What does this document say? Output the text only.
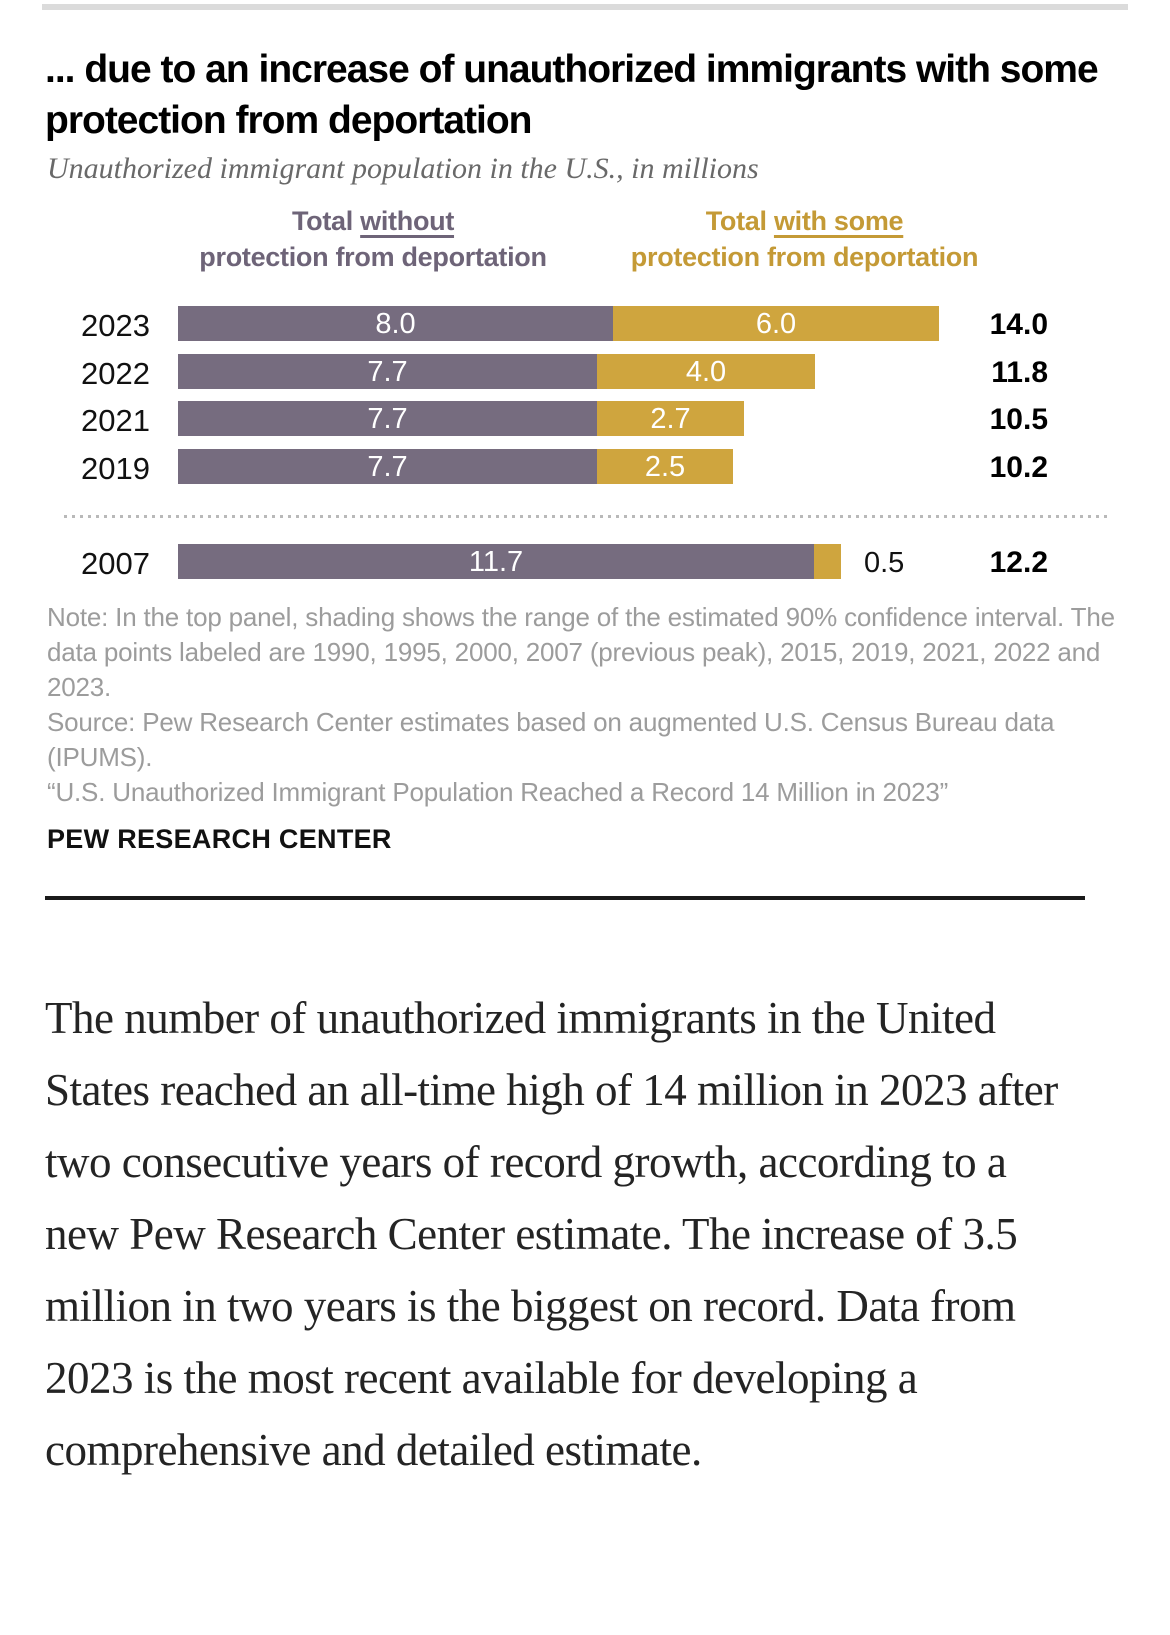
... due to an increase of unauthorized immigrants with some protection from deportation
Unauthorized immigrant population in the U.S., in millions
Total without
protection from deportation
Total with some
protection from deportation
2023	8.0	6.0	14.0
2022	7.7	4.0	11.8
2021	7.7	2.7	10.5
2019	7.7	2.5	10.2
2007	11.7	0.5	12.2
Note: In the top panel, shading shows the range of the estimated 90% confidence interval. The data points labeled are 1990, 1995, 2000, 2007 (previous peak), 2015, 2019, 2021, 2022 and 2023.
Source: Pew Research Center estimates based on augmented U.S. Census Bureau data (IPUMS).
“U.S. Unauthorized Immigrant Population Reached a Record 14 Million in 2023”
PEW RESEARCH CENTER

The number of unauthorized immigrants in the United States reached an all-time high of 14 million in 2023 after two consecutive years of record growth, according to a new Pew Research Center estimate. The increase of 3.5 million in two years is the biggest on record. Data from 2023 is the most recent available for developing a comprehensive and detailed estimate.
